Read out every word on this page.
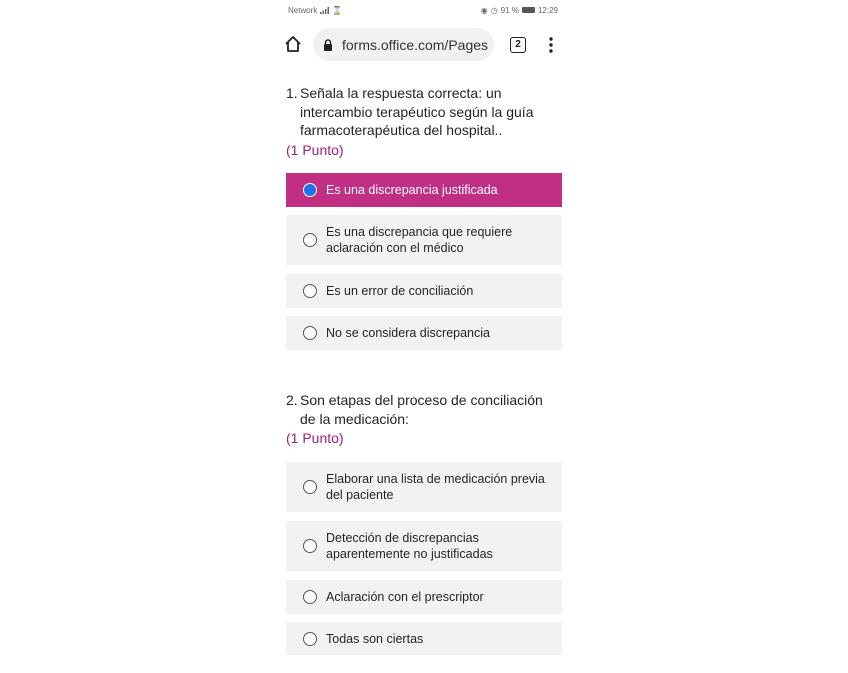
Network ⌛	◉ ◷ 91 % 12:29
forms.office.com/Pages	2
1. Señala la respuesta correcta: un intercambio terapéutico según la guía farmacoterapéutica del hospital..
(1 Punto)
Es una discrepancia justificada
Es una discrepancia que requiere aclaración con el médico
Es un error de conciliación
No se considera discrepancia
2. Son etapas del proceso de conciliación de la medicación:
(1 Punto)
Elaborar una lista de medicación previa del paciente
Detección de discrepancias aparentemente no justificadas
Aclaración con el prescriptor
Todas son ciertas
